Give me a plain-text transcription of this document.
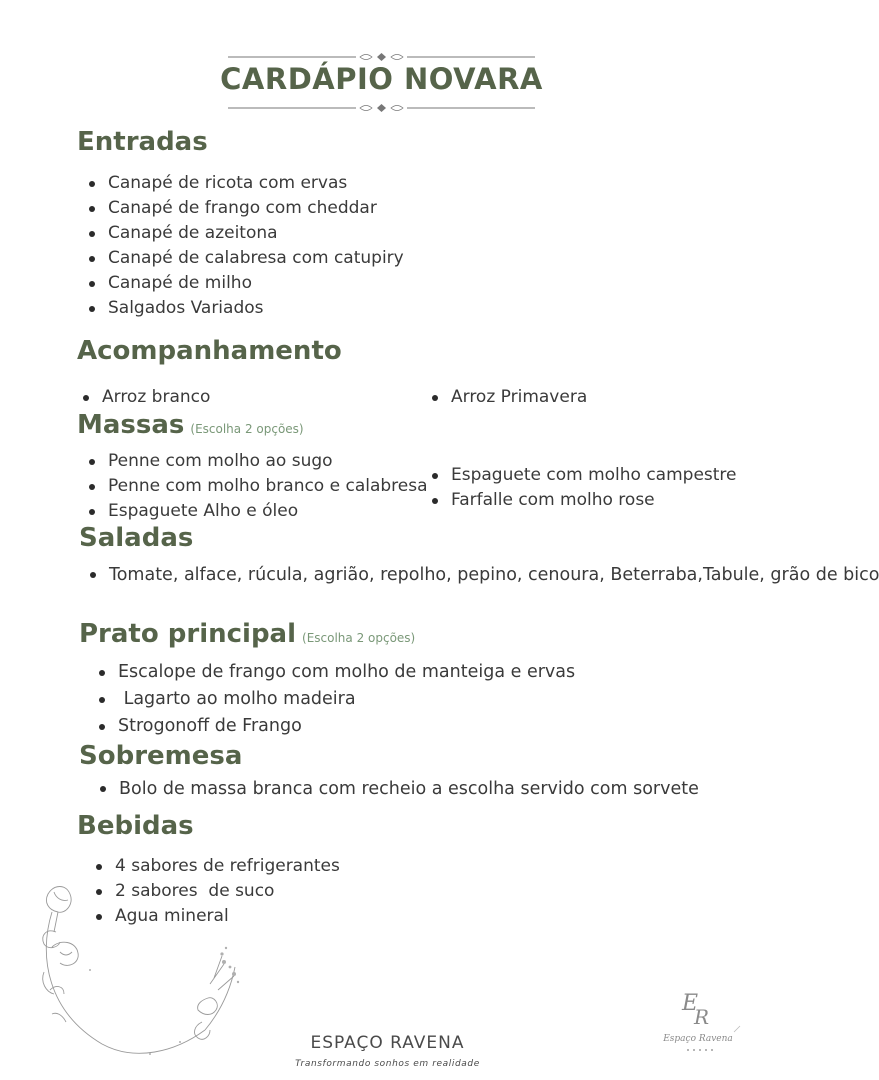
CARDÁPIO NOVARA
Entradas
Canapé de ricota com ervas
Canapé de frango com cheddar
Canapé de azeitona
Canapé de calabresa com catupiry
Canapé de milho
Salgados Variados
Acompanhamento
Arroz branco	Arroz Primavera
Massas (Escolha 2 opções)
Penne com molho ao sugo
Penne com molho branco e calabresa
Espaguete Alho e óleo
Espaguete com molho campestre
Farfalle com molho rose
Saladas
Tomate, alface, rúcula, agrião, repolho, pepino, cenoura, Beterraba,Tabule, grão de bico
Prato principal (Escolha 2 opções)
Escalope de frango com molho de manteiga e ervas
Lagarto ao molho madeira
Strogonoff de Frango
Sobremesa
Bolo de massa branca com recheio a escolha servido com sorvete
Bebidas
4 sabores de refrigerantes
2 sabores  de suco
Agua mineral
ESPAÇO RAVENA
Transformando sonhos em realidade
E
R
Espaço Ravena
